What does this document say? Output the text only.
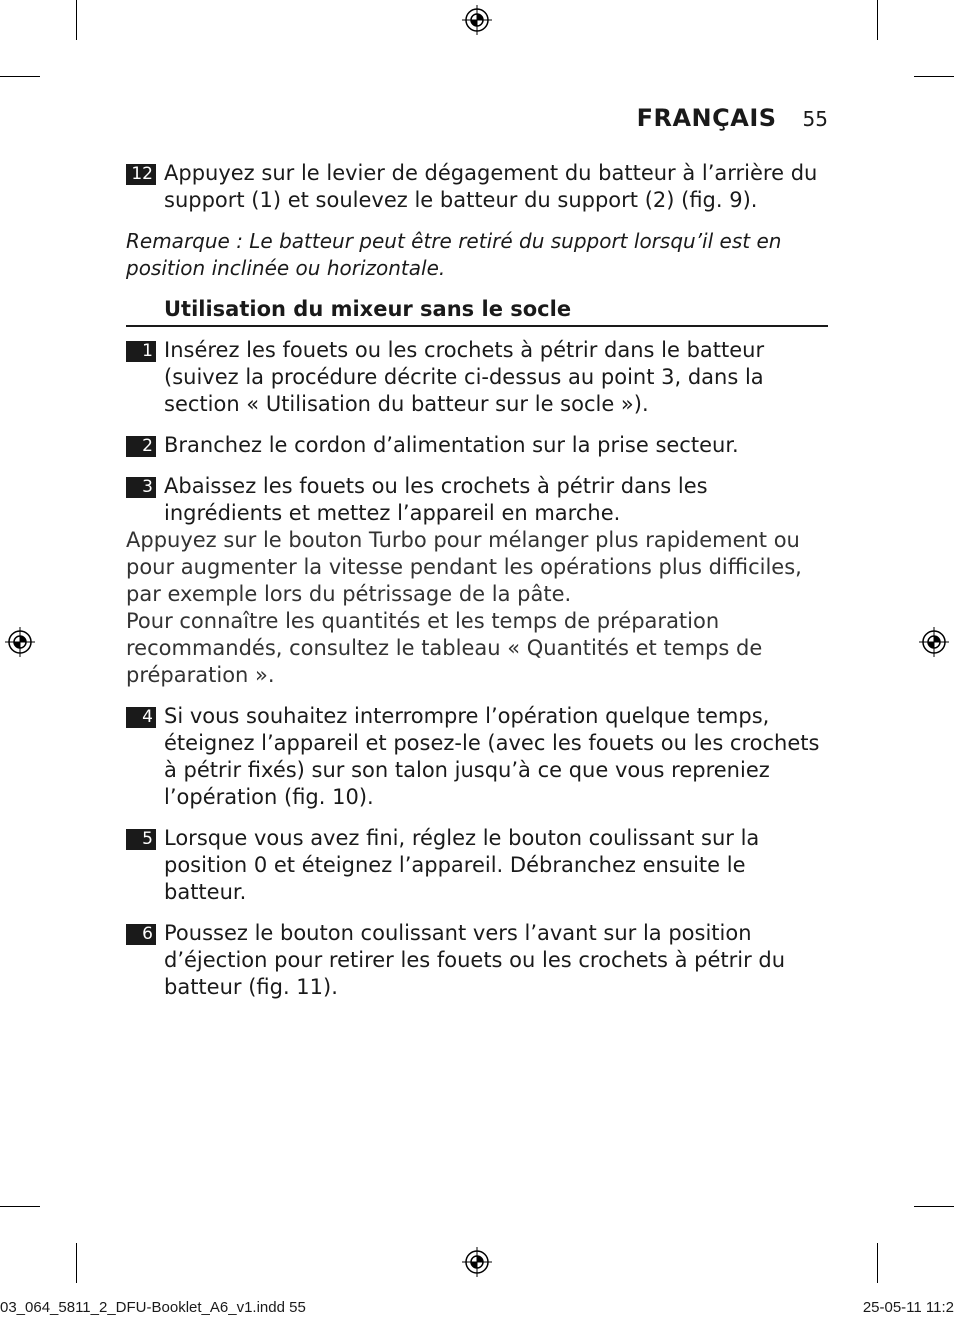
FRANÇAIS 55
12 Appuyez sur le levier de dégagement du batteur à l’arrière du support (1) et soulevez le batteur du support (2) (fig. 9).

Remarque : Le batteur peut être retiré du support lorsqu’il est en position inclinée ou horizontale.

Utilisation du mixeur sans le socle
1 Insérez les fouets ou les crochets à pétrir dans le batteur (suivez la procédure décrite ci-dessus au point 3, dans la section « Utilisation du batteur sur le socle »).
2 Branchez le cordon d’alimentation sur la prise secteur.
3 Abaissez les fouets ou les crochets à pétrir dans les ingrédients et mettez l’appareil en marche.

Appuyez sur le bouton Turbo pour mélanger plus rapidement ou pour augmenter la vitesse pendant les opérations plus difficiles, par exemple lors du pétrissage de la pâte.
Pour connaître les quantités et les temps de préparation recommandés, consultez le tableau « Quantités et temps de préparation ».

4 Si vous souhaitez interrompre l’opération quelque temps, éteignez l’appareil et posez-le (avec les fouets ou les crochets à pétrir fixés) sur son talon jusqu’à ce que vous repreniez l’opération (fig. 10).
5 Lorsque vous avez fini, réglez le bouton coulissant sur la position 0 et éteignez l’appareil. Débranchez ensuite le batteur.
6 Poussez le bouton coulissant vers l’avant sur la position d’éjection pour retirer les fouets ou les crochets à pétrir du batteur (fig. 11).
03_064_5811_2_DFU-Booklet_A6_v1.indd 55	25-05-11 11:2
